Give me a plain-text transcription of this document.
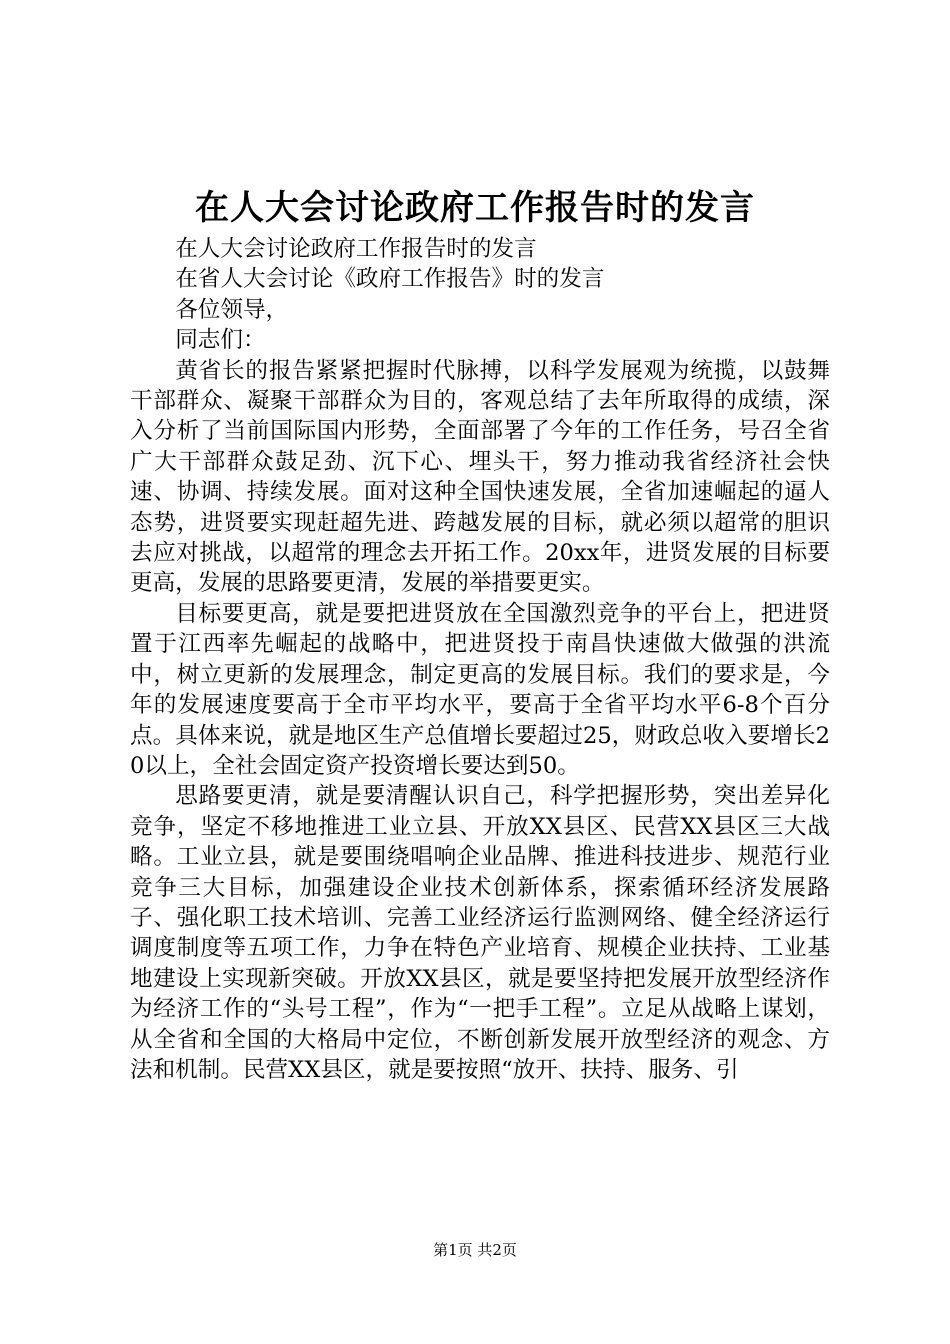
在人大会讨论政府工作报告时的发言

在人大会讨论政府工作报告时的发言

在省人大会讨论《政府工作报告》时的发言

各位领导，

同志们：

黄省长的报告紧紧把握时代脉搏，以科学发展观为统揽，以鼓舞干部群众、凝聚干部群众为目的，客观总结了去年所取得的成绩，深入分析了当前国际国内形势，全面部署了今年的工作任务，号召全省广大干部群众鼓足劲、沉下心、埋头干，努力推动我省经济社会快速、协调、持续发展。面对这种全国快速发展，全省加速崛起的逼人态势，进贤要实现赶超先进、跨越发展的目标，就必须以超常的胆识去应对挑战，以超常的理念去开拓工作。20xx年，进贤发展的目标要更高，发展的思路要更清，发展的举措要更实。

目标要更高，就是要把进贤放在全国激烈竞争的平台上，把进贤置于江西率先崛起的战略中，把进贤投于南昌快速做大做强的洪流中，树立更新的发展理念，制定更高的发展目标。我们的要求是，今年的发展速度要高于全市平均水平，要高于全省平均水平6-8个百分点。具体来说，就是地区生产总值增长要超过25，财政总收入要增长20以上，全社会固定资产投资增长要达到50。

思路要更清，就是要清醒认识自己，科学把握形势，突出差异化竞争，坚定不移地推进工业立县、开放XX县区、民营XX县区三大战略。工业立县，就是要围绕唱响企业品牌、推进科技进步、规范行业竞争三大目标，加强建设企业技术创新体系，探索循环经济发展路子、强化职工技术培训、完善工业经济运行监测网络、健全经济运行调度制度等五项工作，力争在特色产业培育、规模企业扶持、工业基地建设上实现新突破。开放XX县区，就是要坚持把发展开放型经济作为经济工作的“头号工程”，作为“一把手工程”。立足从战略上谋划，从全省和全国的大格局中定位，不断创新发展开放型经济的观念、方法和机制。民营XX县区，就是要按照“放开、扶持、服务、引

第1页 共2页
